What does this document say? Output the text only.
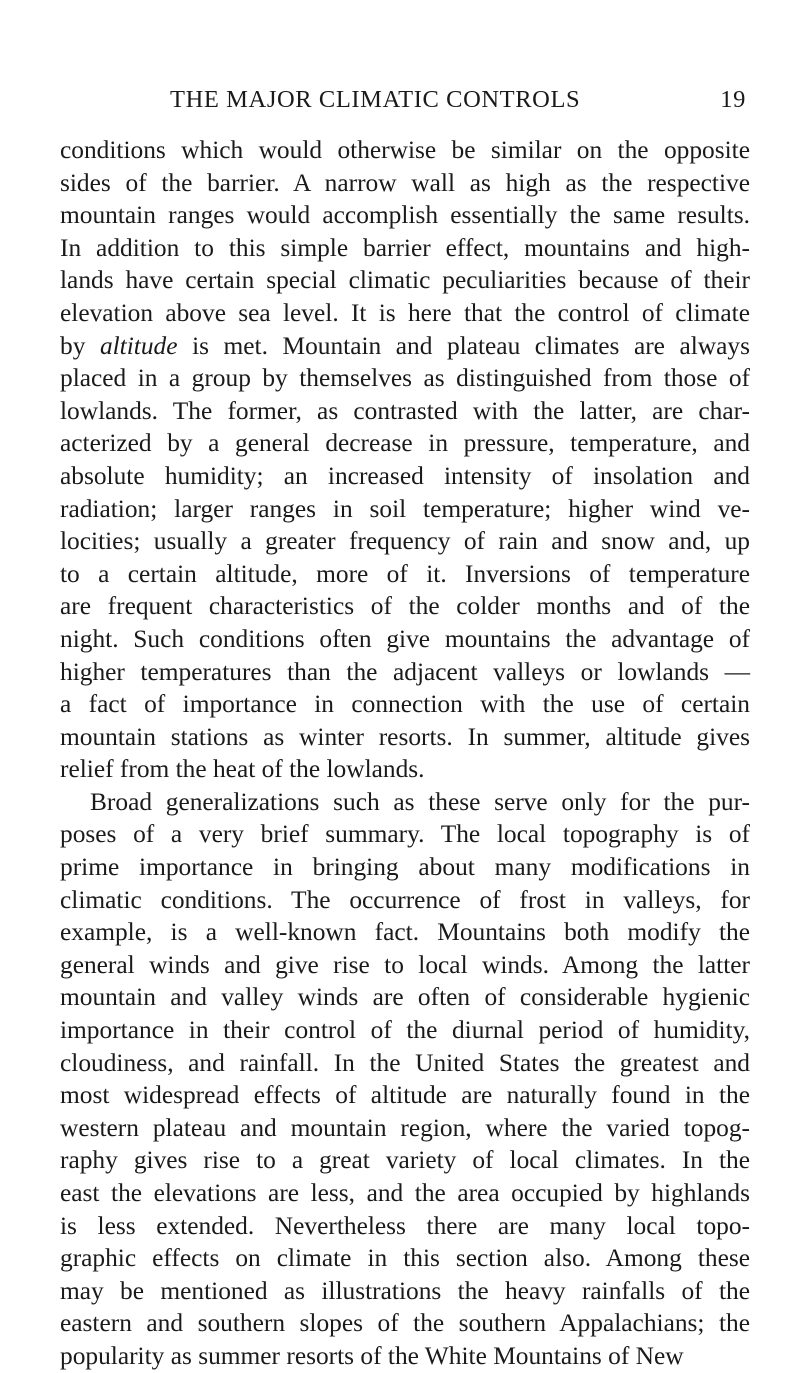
THE MAJOR CLIMATIC CONTROLS	19
conditions which would otherwise be similar on the opposite
sides of the barrier. A narrow wall as high as the respective
mountain ranges would accomplish essentially the same results.
In addition to this simple barrier effect, mountains and high-
lands have certain special climatic peculiarities because of their
elevation above sea level. It is here that the control of climate
by altitude is met. Mountain and plateau climates are always
placed in a group by themselves as distinguished from those of
lowlands. The former, as contrasted with the latter, are char-
acterized by a general decrease in pressure, temperature, and
absolute humidity; an increased intensity of insolation and
radiation; larger ranges in soil temperature; higher wind ve-
locities; usually a greater frequency of rain and snow and, up
to a certain altitude, more of it. Inversions of temperature
are frequent characteristics of the colder months and of the
night. Such conditions often give mountains the advantage of
higher temperatures than the adjacent valleys or lowlands —
a fact of importance in connection with the use of certain
mountain stations as winter resorts. In summer, altitude gives
relief from the heat of the lowlands.
Broad generalizations such as these serve only for the pur-
poses of a very brief summary. The local topography is of
prime importance in bringing about many modifications in
climatic conditions. The occurrence of frost in valleys, for
example, is a well-known fact. Mountains both modify the
general winds and give rise to local winds. Among the latter
mountain and valley winds are often of considerable hygienic
importance in their control of the diurnal period of humidity,
cloudiness, and rainfall. In the United States the greatest and
most widespread effects of altitude are naturally found in the
western plateau and mountain region, where the varied topog-
raphy gives rise to a great variety of local climates. In the
east the elevations are less, and the area occupied by highlands
is less extended. Nevertheless there are many local topo-
graphic effects on climate in this section also. Among these
may be mentioned as illustrations the heavy rainfalls of the
eastern and southern slopes of the southern Appalachians; the
popularity as summer resorts of the White Mountains of New
